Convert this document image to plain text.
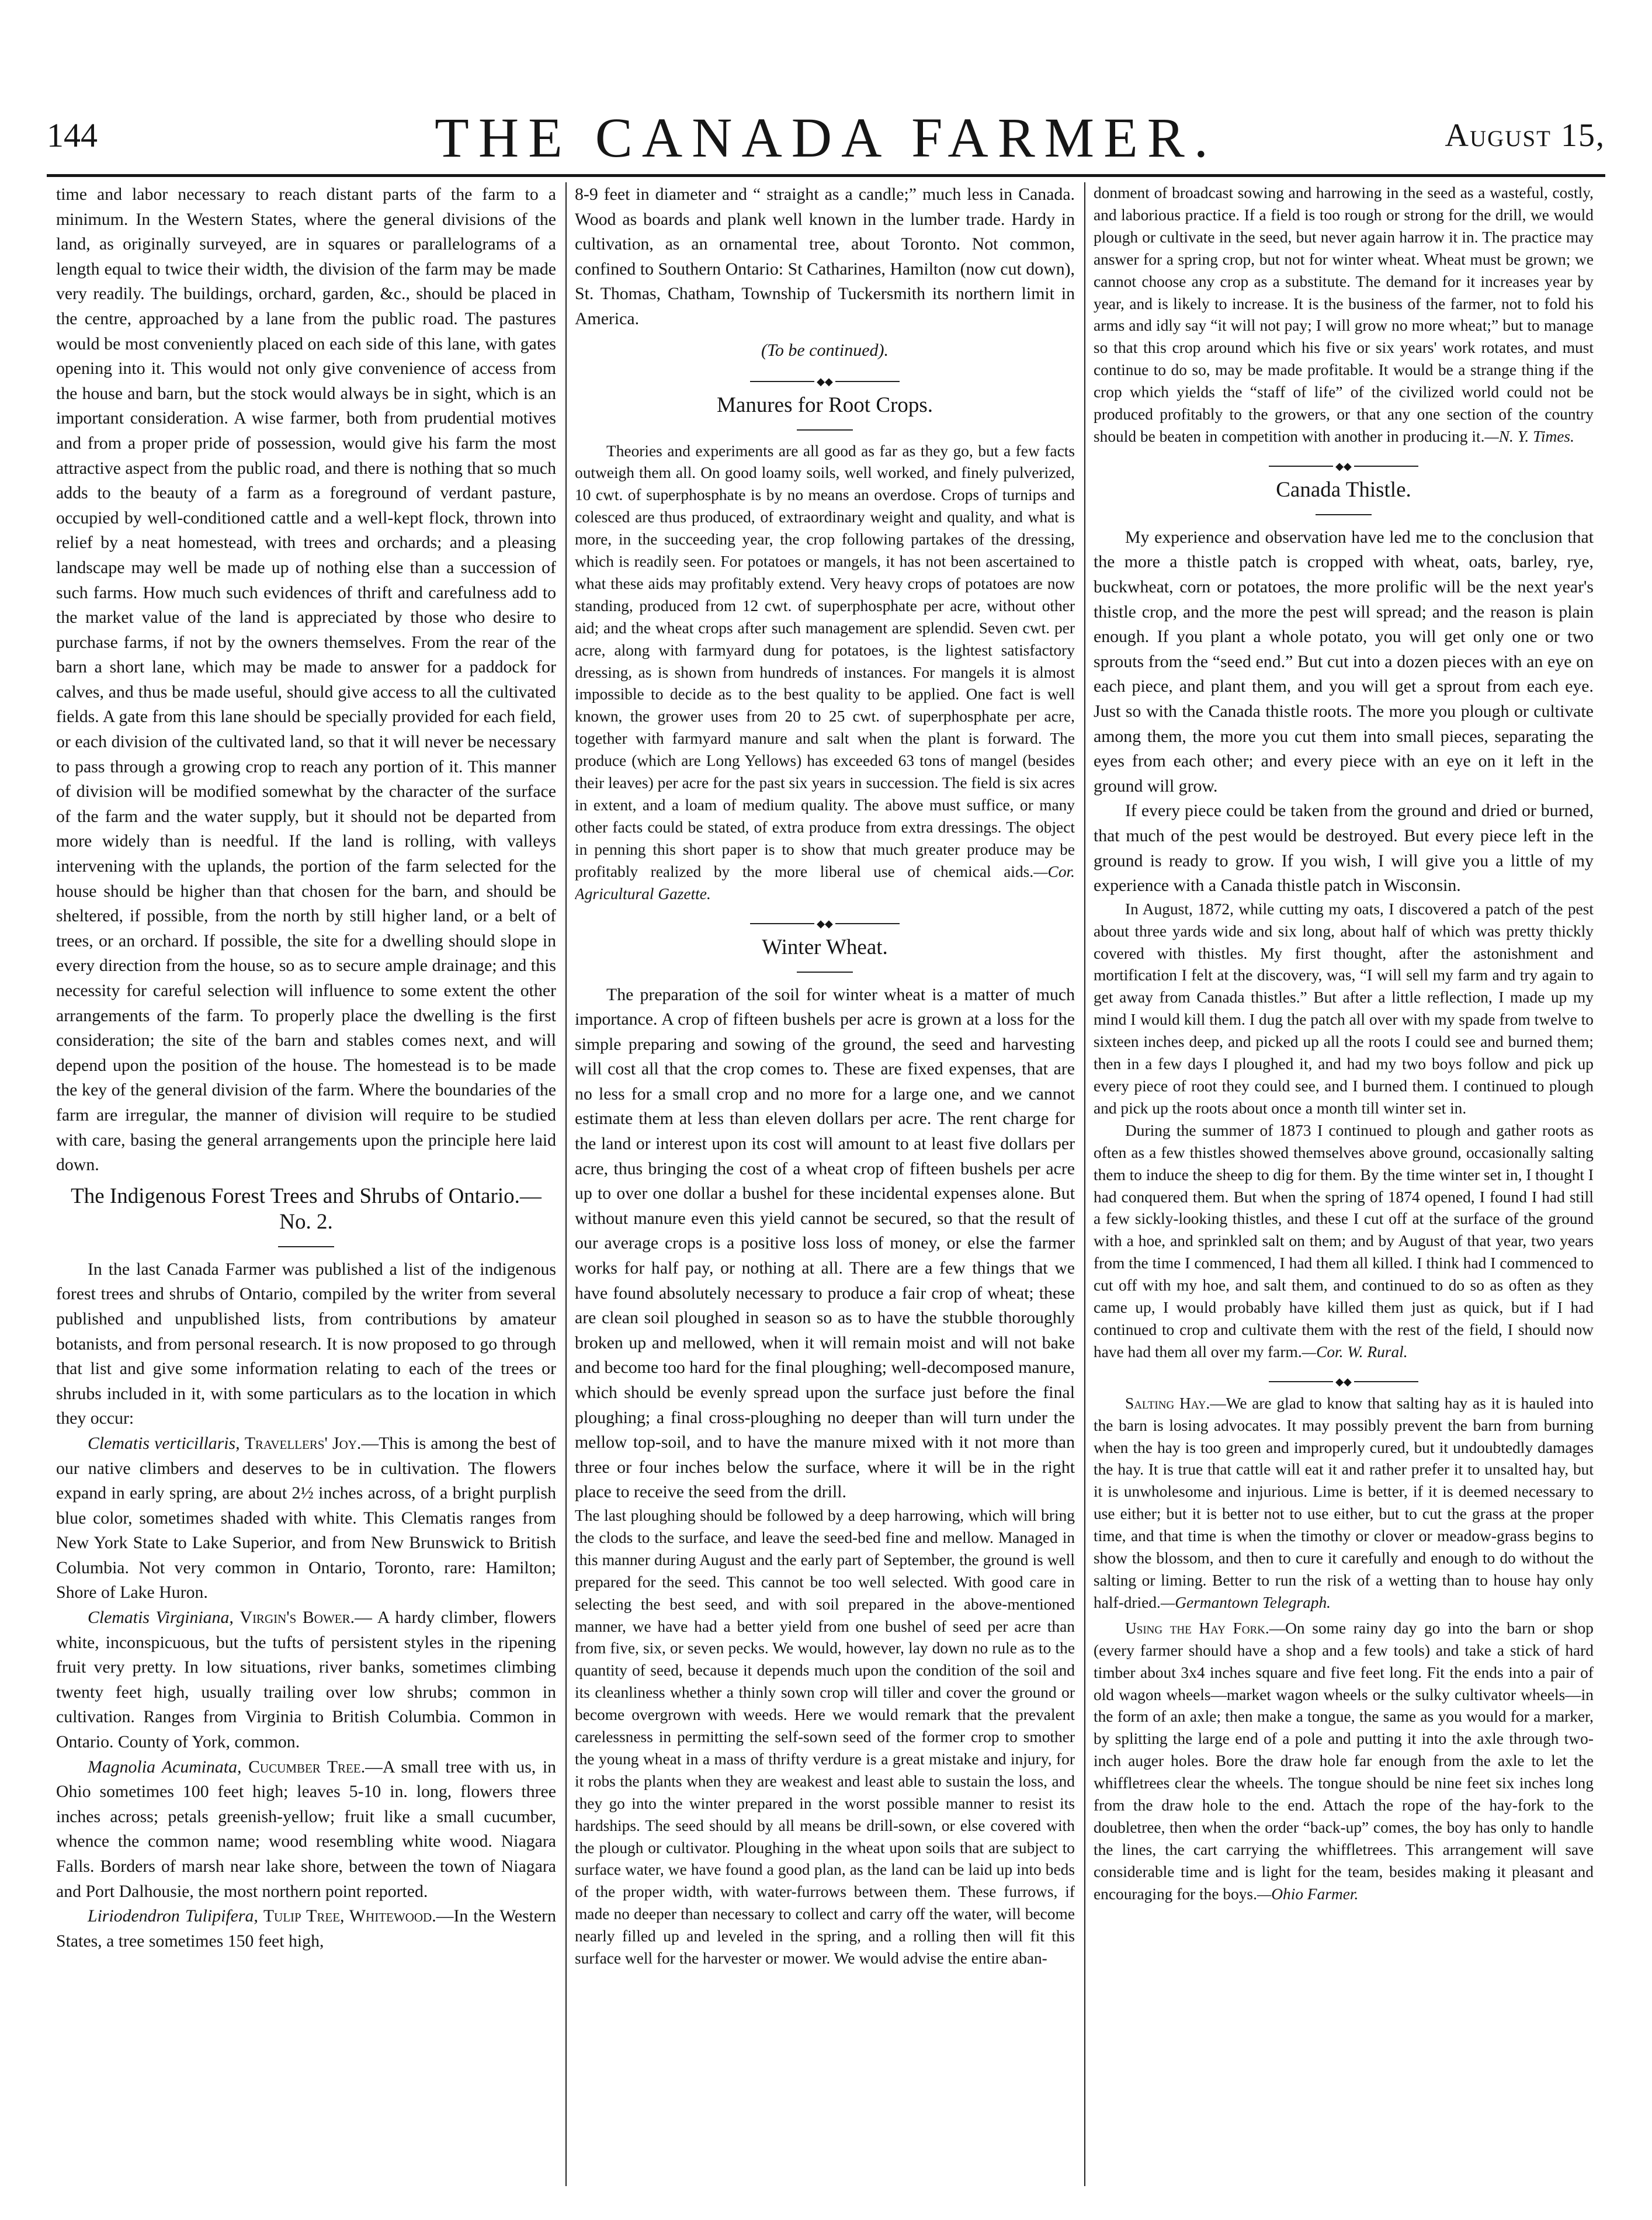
144	THE CANADA FARMER.	August 15,

time and labor necessary to reach distant parts of the farm to a minimum. In the Western States, where the general divisions of the land, as originally surveyed, are in squares or parallelograms of a length equal to twice their width, the division of the farm may be made very readily. The buildings, orchard, garden, &c., should be placed in the centre, approached by a lane from the public road. The pastures would be most conveniently placed on each side of this lane, with gates opening into it. This would not only give convenience of access from the house and barn, but the stock would always be in sight, which is an important consideration. A wise farmer, both from prudential motives and from a proper pride of possession, would give his farm the most attractive aspect from the public road, and there is nothing that so much adds to the beauty of a farm as a foreground of verdant pasture, occupied by well-conditioned cattle and a well-kept flock, thrown into relief by a neat homestead, with trees and orchards; and a pleasing landscape may well be made up of nothing else than a succession of such farms. How much such evidences of thrift and carefulness add to the market value of the land is appreciated by those who desire to purchase farms, if not by the owners themselves. From the rear of the barn a short lane, which may be made to answer for a paddock for calves, and thus be made useful, should give access to all the cultivated fields. A gate from this lane should be specially provided for each field, or each division of the cultivated land, so that it will never be necessary to pass through a growing crop to reach any portion of it. This manner of division will be modified somewhat by the character of the surface of the farm and the water supply, but it should not be departed from more widely than is needful. If the land is rolling, with valleys intervening with the uplands, the portion of the farm selected for the house should be higher than that chosen for the barn, and should be sheltered, if possible, from the north by still higher land, or a belt of trees, or an orchard. If possible, the site for a dwelling should slope in every direction from the house, so as to secure ample drainage; and this necessity for careful selection will influence to some extent the other arrangements of the farm. To properly place the dwelling is the first consideration; the site of the barn and stables comes next, and will depend upon the position of the house. The homestead is to be made the key of the general division of the farm. Where the boundaries of the farm are irregular, the manner of division will require to be studied with care, basing the general arrangements upon the principle here laid down.

The Indigenous Forest Trees and Shrubs of Ontario.—No. 2.

In the last Canada Farmer was published a list of the indigenous forest trees and shrubs of Ontario, compiled by the writer from several published and unpublished lists, from contributions by amateur botanists, and from personal research. It is now proposed to go through that list and give some information relating to each of the trees or shrubs included in it, with some particulars as to the location in which they occur:

Clematis verticillaris, Travellers' Joy.—This is among the best of our native climbers and deserves to be in cultivation. The flowers expand in early spring, are about 2½ inches across, of a bright purplish blue color, sometimes shaded with white. This Clematis ranges from New York State to Lake Superior, and from New Brunswick to British Columbia. Not very common in Ontario, Toronto, rare: Hamilton; Shore of Lake Huron.

Clematis Virginiana, Virgin's Bower.— A hardy climber, flowers white, inconspicuous, but the tufts of persistent styles in the ripening fruit very pretty. In low situations, river banks, sometimes climbing twenty feet high, usually trailing over low shrubs; common in cultivation. Ranges from Virginia to British Columbia. Common in Ontario. County of York, common.

Magnolia Acuminata, Cucumber Tree.—A small tree with us, in Ohio sometimes 100 feet high; leaves 5-10 in. long, flowers three inches across; petals greenish-yellow; fruit like a small cucumber, whence the common name; wood resembling white wood. Niagara Falls. Borders of marsh near lake shore, between the town of Niagara and Port Dalhousie, the most northern point reported.

Liriodendron Tulipifera, Tulip Tree, Whitewood.—In the Western States, a tree sometimes 150 feet high,

8-9 feet in diameter and “ straight as a candle;” much less in Canada. Wood as boards and plank well known in the lumber trade. Hardy in cultivation, as an ornamental tree, about Toronto. Not common, confined to Southern Ontario: St Catharines, Hamilton (now cut down), St. Thomas, Chatham, Township of Tuckersmith its northern limit in America.

(To be continued).
◆◆
Manures for Root Crops.

Theories and experiments are all good as far as they go, but a few facts outweigh them all. On good loamy soils, well worked, and finely pulverized, 10 cwt. of superphosphate is by no means an overdose. Crops of turnips and colesced are thus produced, of extraordinary weight and quality, and what is more, in the succeeding year, the crop following partakes of the dressing, which is readily seen. For potatoes or mangels, it has not been ascertained to what these aids may profitably extend. Very heavy crops of potatoes are now standing, produced from 12 cwt. of superphosphate per acre, without other aid; and the wheat crops after such management are splendid. Seven cwt. per acre, along with farmyard dung for potatoes, is the lightest satisfactory dressing, as is shown from hundreds of instances. For mangels it is almost impossible to decide as to the best quality to be applied. One fact is well known, the grower uses from 20 to 25 cwt. of superphosphate per acre, together with farmyard manure and salt when the plant is forward. The produce (which are Long Yellows) has exceeded 63 tons of mangel (besides their leaves) per acre for the past six years in succession. The field is six acres in extent, and a loam of medium quality. The above must suffice, or many other facts could be stated, of extra produce from extra dressings. The object in penning this short paper is to show that much greater produce may be profitably realized by the more liberal use of chemical aids.—Cor. Agricultural Gazette.

◆◆
Winter Wheat.

The preparation of the soil for winter wheat is a matter of much importance. A crop of fifteen bushels per acre is grown at a loss for the simple preparing and sowing of the ground, the seed and harvesting will cost all that the crop comes to. These are fixed expenses, that are no less for a small crop and no more for a large one, and we cannot estimate them at less than eleven dollars per acre. The rent charge for the land or interest upon its cost will amount to at least five dollars per acre, thus bringing the cost of a wheat crop of fifteen bushels per acre up to over one dollar a bushel for these incidental expenses alone. But without manure even this yield cannot be secured, so that the result of our average crops is a positive loss loss of money, or else the farmer works for half pay, or nothing at all. There are a few things that we have found absolutely necessary to produce a fair crop of wheat; these are clean soil ploughed in season so as to have the stubble thoroughly broken up and mellowed, when it will remain moist and will not bake and become too hard for the final ploughing; well-decomposed manure, which should be evenly spread upon the surface just before the final ploughing; a final cross-ploughing no deeper than will turn under the mellow top-soil, and to have the manure mixed with it not more than three or four inches below the surface, where it will be in the right place to receive the seed from the drill.

The last ploughing should be followed by a deep harrowing, which will bring the clods to the surface, and leave the seed-bed fine and mellow. Managed in this manner during August and the early part of September, the ground is well prepared for the seed. This cannot be too well selected. With good care in selecting the best seed, and with soil prepared in the above-mentioned manner, we have had a better yield from one bushel of seed per acre than from five, six, or seven pecks. We would, however, lay down no rule as to the quantity of seed, because it depends much upon the condition of the soil and its cleanliness whether a thinly sown crop will tiller and cover the ground or become overgrown with weeds. Here we would remark that the prevalent carelessness in permitting the self-sown seed of the former crop to smother the young wheat in a mass of thrifty verdure is a great mistake and injury, for it robs the plants when they are weakest and least able to sustain the loss, and they go into the winter prepared in the worst possible manner to resist its hardships. The seed should by all means be drill-sown, or else covered with the plough or cultivator. Ploughing in the wheat upon soils that are subject to surface water, we have found a good plan, as the land can be laid up into beds of the proper width, with water-furrows between them. These furrows, if made no deeper than necessary to collect and carry off the water, will become nearly filled up and leveled in the spring, and a rolling then will fit this surface well for the harvester or mower. We would advise the entire aban-

donment of broadcast sowing and harrowing in the seed as a wasteful, costly, and laborious practice. If a field is too rough or strong for the drill, we would plough or cultivate in the seed, but never again harrow it in. The practice may answer for a spring crop, but not for winter wheat. Wheat must be grown; we cannot choose any crop as a substitute. The demand for it increases year by year, and is likely to increase. It is the business of the farmer, not to fold his arms and idly say “it will not pay; I will grow no more wheat;” but to manage so that this crop around which his five or six years' work rotates, and must continue to do so, may be made profitable. It would be a strange thing if the crop which yields the “staff of life” of the civilized world could not be produced profitably to the growers, or that any one section of the country should be beaten in competition with another in producing it.—N. Y. Times.

◆◆
Canada Thistle.

My experience and observation have led me to the conclusion that the more a thistle patch is cropped with wheat, oats, barley, rye, buckwheat, corn or potatoes, the more prolific will be the next year's thistle crop, and the more the pest will spread; and the reason is plain enough. If you plant a whole potato, you will get only one or two sprouts from the “seed end.” But cut into a dozen pieces with an eye on each piece, and plant them, and you will get a sprout from each eye. Just so with the Canada thistle roots. The more you plough or cultivate among them, the more you cut them into small pieces, separating the eyes from each other; and every piece with an eye on it left in the ground will grow.

If every piece could be taken from the ground and dried or burned, that much of the pest would be destroyed. But every piece left in the ground is ready to grow. If you wish, I will give you a little of my experience with a Canada thistle patch in Wisconsin.

In August, 1872, while cutting my oats, I discovered a patch of the pest about three yards wide and six long, about half of which was pretty thickly covered with thistles. My first thought, after the astonishment and mortification I felt at the discovery, was, “I will sell my farm and try again to get away from Canada thistles.” But after a little reflection, I made up my mind I would kill them. I dug the patch all over with my spade from twelve to sixteen inches deep, and picked up all the roots I could see and burned them; then in a few days I ploughed it, and had my two boys follow and pick up every piece of root they could see, and I burned them. I continued to plough and pick up the roots about once a month till winter set in.

During the summer of 1873 I continued to plough and gather roots as often as a few thistles showed themselves above ground, occasionally salting them to induce the sheep to dig for them. By the time winter set in, I thought I had conquered them. But when the spring of 1874 opened, I found I had still a few sickly-looking thistles, and these I cut off at the surface of the ground with a hoe, and sprinkled salt on them; and by August of that year, two years from the time I commenced, I had them all killed. I think had I commenced to cut off with my hoe, and salt them, and continued to do so as often as they came up, I would probably have killed them just as quick, but if I had continued to crop and cultivate them with the rest of the field, I should now have had them all over my farm.—Cor. W. Rural.

◆◆

Salting Hay.—We are glad to know that salting hay as it is hauled into the barn is losing advocates. It may possibly prevent the barn from burning when the hay is too green and improperly cured, but it undoubtedly damages the hay. It is true that cattle will eat it and rather prefer it to unsalted hay, but it is unwholesome and injurious. Lime is better, if it is deemed necessary to use either; but it is better not to use either, but to cut the grass at the proper time, and that time is when the timothy or clover or meadow-grass begins to show the blossom, and then to cure it carefully and enough to do without the salting or liming. Better to run the risk of a wetting than to house hay only half-dried.—Germantown Telegraph.

Using the Hay Fork.—On some rainy day go into the barn or shop (every farmer should have a shop and a few tools) and take a stick of hard timber about 3x4 inches square and five feet long. Fit the ends into a pair of old wagon wheels—market wagon wheels or the sulky cultivator wheels—in the form of an axle; then make a tongue, the same as you would for a marker, by splitting the large end of a pole and putting it into the axle through two-inch auger holes. Bore the draw hole far enough from the axle to let the whiffletrees clear the wheels. The tongue should be nine feet six inches long from the draw hole to the end. Attach the rope of the hay-fork to the doubletree, then when the order “back-up” comes, the boy has only to handle the lines, the cart carrying the whiffletrees. This arrangement will save considerable time and is light for the team, besides making it pleasant and encouraging for the boys.—Ohio Farmer.
